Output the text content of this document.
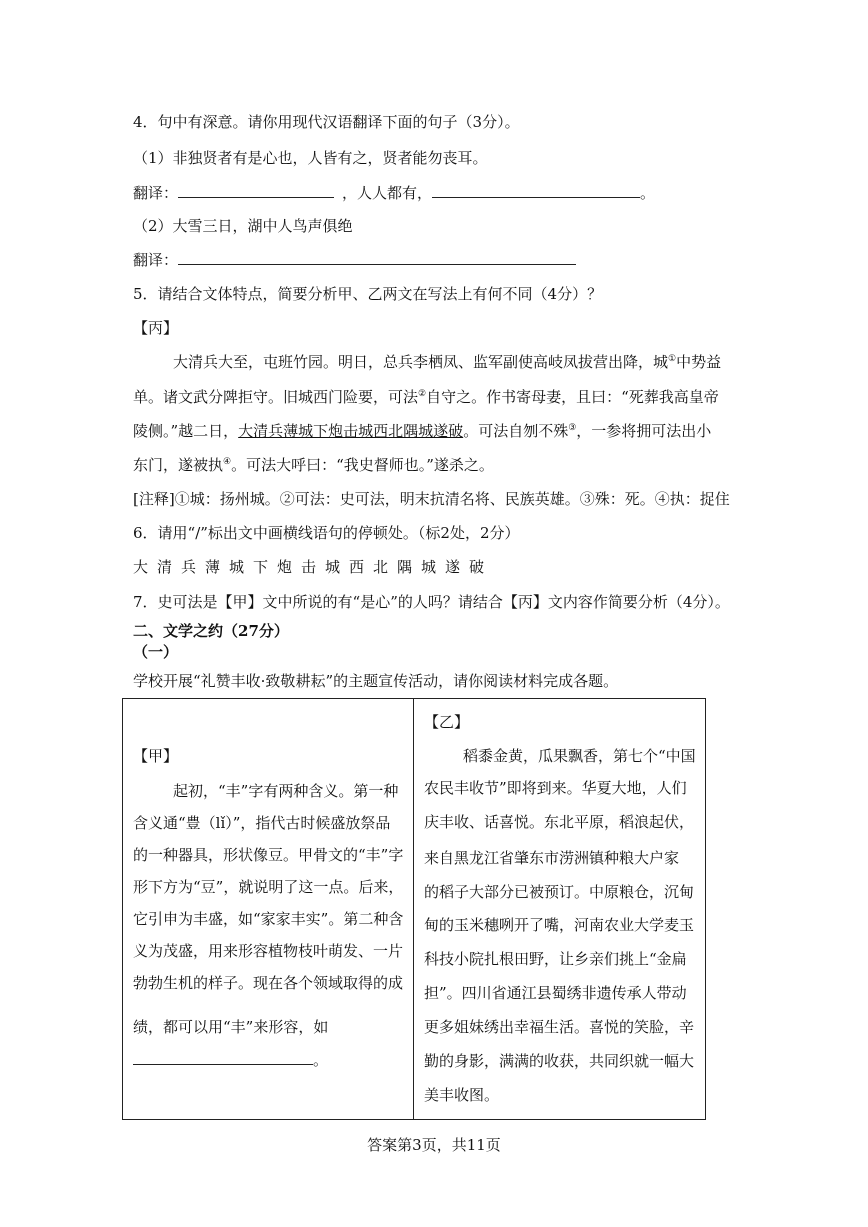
4．句中有深意。请你用现代汉语翻译下面的句子（3分）。
（1）非独贤者有是心也，人皆有之，贤者能勿丧耳。
翻译：	，人人都有，	。
（2）大雪三日，湖中人鸟声俱绝
翻译：
5．请结合文体特点，简要分析甲、乙两文在写法上有何不同（4分）？
【丙】
大清兵大至，屯班竹园。明日，总兵李栖凤、监军副使高岐凤拔营出降，城①中势益
单。诸文武分陴拒守。旧城西门险要，可法②自守之。作书寄母妻，且曰：“死葬我高皇帝
陵侧。”越二日，大清兵薄城下炮击城西北隅城遂破。可法自刎不殊③，一参将拥可法出小
东门，遂被执④。可法大呼曰：“我史督师也。”遂杀之。
[注释]①城：扬州城。②可法：史可法，明末抗清名将、民族英雄。③殊：死。④执：捉住
6．请用“/”标出文中画横线语句的停顿处。（标2处，2分）
大清兵薄城下炮击城西北隅城遂破
7．史可法是【甲】文中所说的有“是心”的人吗？请结合【丙】文内容作简要分析（4分）。
二、文学之约（27分）
（一）
学校开展“礼赞丰收·致敬耕耘”的主题宣传活动，请你阅读材料完成各题。
【甲】
起初，“丰”字有两种含义。第一种
含义通“豊（lǐ）”，指代古时候盛放祭品
的一种器具，形状像豆。甲骨文的“丰”字
形下方为“豆”，就说明了这一点。后来，
它引申为丰盛，如“家家丰实”。第二种含
义为茂盛，用来形容植物枝叶萌发、一片
勃勃生机的样子。现在各个领域取得的成
绩，都可以用“丰”来形容，如
。
【乙】
稻黍金黄，瓜果飘香，第七个“中国
农民丰收节”即将到来。华夏大地，人们
庆丰收、话喜悦。东北平原，稻浪起伏，
来自黑龙江省肇东市涝洲镇种粮大户家
的稻子大部分已被预订。中原粮仓，沉甸
甸的玉米穗咧开了嘴，河南农业大学麦玉
科技小院扎根田野，让乡亲们挑上“金扁
担”。四川省通江县蜀绣非遗传承人带动
更多姐妹绣出幸福生活。喜悦的笑脸，辛
勤的身影，满满的收获，共同织就一幅大
美丰收图。
答案第3页，共11页
